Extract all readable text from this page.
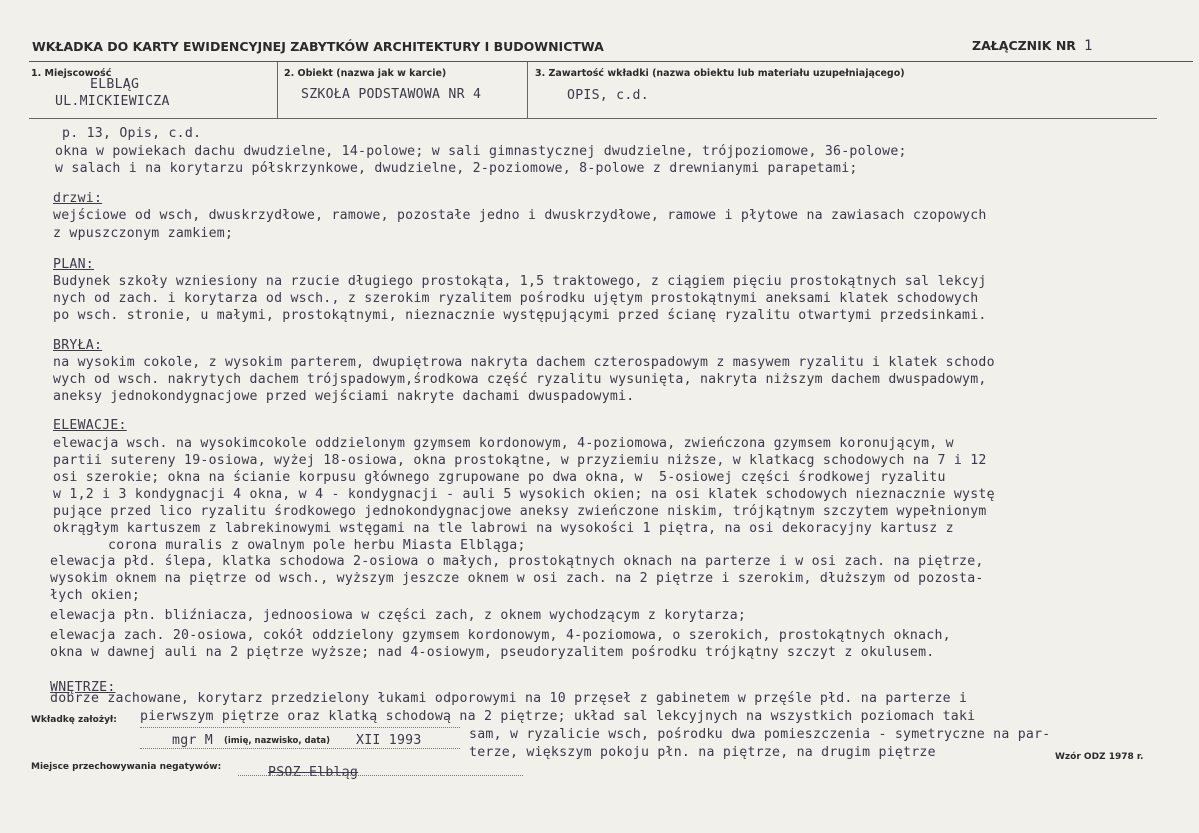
WKŁADKA DO KARTY EWIDENCYJNEJ ZABYTKÓW ARCHITEKTURY I BUDOWNICTWA	ZAŁĄCZNIK NR 1
1. Miejscowość
ELBLĄG
UL.MICKIEWICZA
2. Obiekt (nazwa jak w karcie)
SZKOŁA PODSTAWOWA NR 4
3. Zawartość wkładki (nazwa obiektu lub materiału uzupełniającego)
OPIS, c.d.
p. 13, Opis, c.d.
okna w powiekach dachu dwudzielne, 14-polowe; w sali gimnastycznej dwudzielne, trójpoziomowe, 36-polowe;
w salach i na korytarzu półskrzynkowe, dwudzielne, 2-poziomowe, 8-polowe z drewnianymi parapetami;
drzwi:
wejściowe od wsch, dwuskrzydłowe, ramowe, pozostałe jedno i dwuskrzydłowe, ramowe i płytowe na zawiasach czopowych
z wpuszczonym zamkiem;
PLAN:
Budynek szkoły wzniesiony na rzucie długiego prostokąta, 1,5 traktowego, z ciągiem pięciu prostokątnych sal lekcyj
nych od zach. i korytarza od wsch., z szerokim ryzalitem pośrodku ujętym prostokątnymi aneksami klatek schodowych
po wsch. stronie, u małymi, prostokątnymi, nieznacznie występującymi przed ścianę ryzalitu otwartymi przedsinkami.
BRYŁA:
na wysokim cokole, z wysokim parterem, dwupiętrowa nakryta dachem czterospadowym z masywem ryzalitu i klatek schodo
wych od wsch. nakrytych dachem trójspadowym,środkowa część ryzalitu wysunięta, nakryta niższym dachem dwuspadowym,
aneksy jednokondygnacjowe przed wejściami nakryte dachami dwuspadowymi.
ELEWACJE:
elewacja wsch. na wysokimcokole oddzielonym gzymsem kordonowym, 4-poziomowa, zwieńczona gzymsem koronującym, w
partii sutereny 19-osiowa, wyżej 18-osiowa, okna prostokątne, w przyziemiu niższe, w klatkacg schodowych na 7 i 12
osi szerokie; okna na ścianie korpusu głównego zgrupowane po dwa okna, w  5-osiowej części środkowej ryzalitu
w 1,2 i 3 kondygnacji 4 okna, w 4 - kondygnacji - auli 5 wysokich okien; na osi klatek schodowych nieznacznie wystę
pujące przed lico ryzalitu środkowego jednokondygnacjowe aneksy zwieńczone niskim, trójkątnym szczytem wypełnionym
okrągłym kartuszem z labrekinowymi wstęgami na tle labrowi na wysokości 1 piętra, na osi dekoracyjny kartusz z
corona muralis z owalnym pole herbu Miasta Elbląga;
elewacja płd. ślepa, klatka schodowa 2-osiowa o małych, prostokątnych oknach na parterze i w osi zach. na piętrze,
wysokim oknem na piętrze od wsch., wyższym jeszcze oknem w osi zach. na 2 piętrze i szerokim, dłuższym od pozosta-
łych okien;
elewacja płn. bliźniacza, jednoosiowa w części zach, z oknem wychodzącym z korytarza;
elewacja zach. 20-osiowa, cokół oddzielony gzymsem kordonowym, 4-poziomowa, o szerokich, prostokątnych oknach,
okna w dawnej auli na 2 piętrze wyższe; nad 4-osiowym, pseudoryzalitem pośrodku trójkątny szczyt z okulusem.
WNĘTRZE:
dobrze zachowane, korytarz przedzielony łukami odporowymi na 10 przęseł z gabinetem w przęśle płd. na parterze i
pierwszym piętrze oraz klatką schodową na 2 piętrze; układ sal lekcyjnych na wszystkich poziomach taki
sam, w ryzalicie wsch, pośrodku dwa pomieszczenia - symetryczne na par-
terze, większym pokoju płn. na piętrze, na drugim piętrze
Wkładkę założył:
mgr M (imię, nazwisko, data) XII 1993
Miejsce przechowywania negatywów:	PSOZ Elbląg
Wzór ODZ 1978 r.
